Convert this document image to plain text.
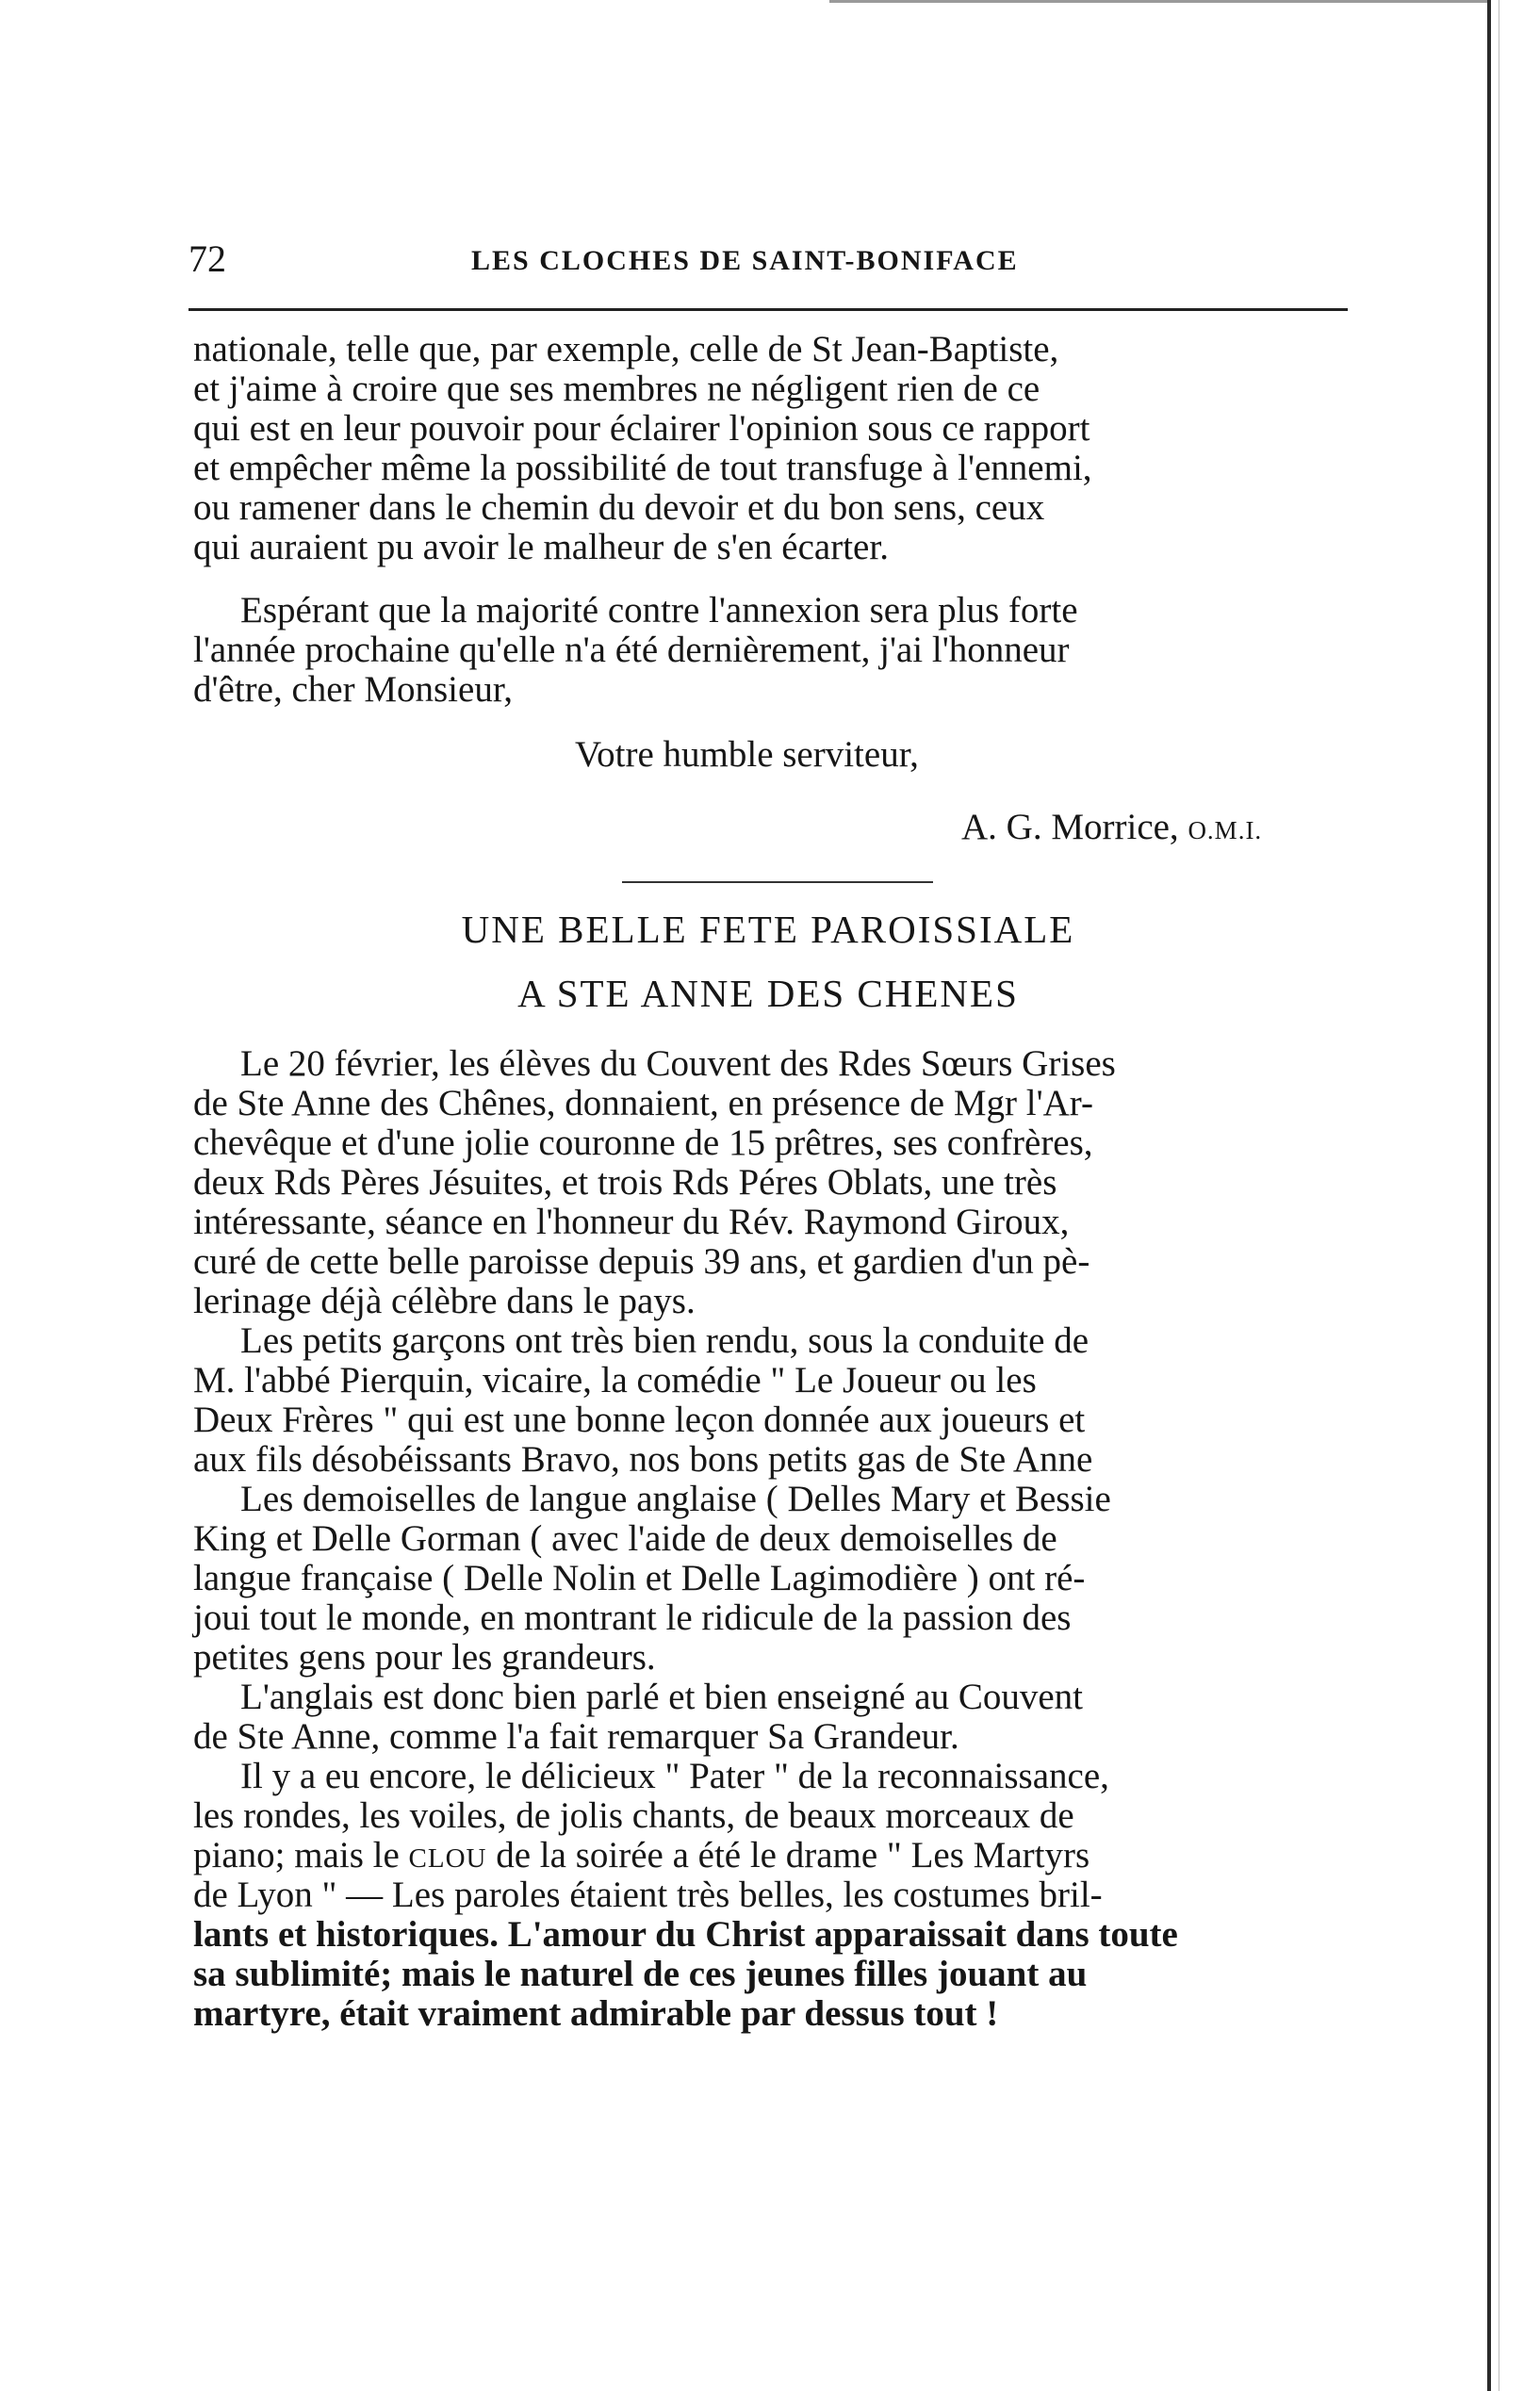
72	LES CLOCHES DE SAINT-BONIFACE
nationale, telle que, par exemple, celle de St Jean-Baptiste,
et j'aime à croire que ses membres ne négligent rien de ce
qui est en leur pouvoir pour éclairer l'opinion sous ce rapport
et empêcher même la possibilité de tout transfuge à l'ennemi,
ou ramener dans le chemin du devoir et du bon sens, ceux
qui auraient pu avoir le malheur de s'en écarter.
Espérant que la majorité contre l'annexion sera plus forte
l'année prochaine qu'elle n'a été dernièrement, j'ai l'honneur
d'être, cher Monsieur,
Votre humble serviteur,
A. G. Morrice, O.M.I.
UNE BELLE FETE PAROISSIALE
A STE ANNE DES CHENES
Le 20 février, les élèves du Couvent des Rdes Sœurs Grises
de Ste Anne des Chênes, donnaient, en présence de Mgr l'Ar-
chevêque et d'une jolie couronne de 15 prêtres, ses confrères,
deux Rds Pères Jésuites, et trois Rds Péres Oblats, une très
intéressante, séance en l'honneur du Rév. Raymond Giroux,
curé de cette belle paroisse depuis 39 ans, et gardien d'un pè-
lerinage déjà célèbre dans le pays.
Les petits garçons ont très bien rendu, sous la conduite de
M. l'abbé Pierquin, vicaire, la comédie " Le Joueur ou les
Deux Frères " qui est une bonne leçon donnée aux joueurs et
aux fils désobéissants Bravo, nos bons petits gas de Ste Anne
Les demoiselles de langue anglaise ( Delles Mary et Bessie
King et Delle Gorman ( avec l'aide de deux demoiselles de
langue française ( Delle Nolin et Delle Lagimodière ) ont ré-
joui tout le monde, en montrant le ridicule de la passion des
petites gens pour les grandeurs.
L'anglais est donc bien parlé et bien enseigné au Couvent
de Ste Anne, comme l'a fait remarquer Sa Grandeur.
Il y a eu encore, le délicieux " Pater " de la reconnaissance,
les rondes, les voiles, de jolis chants, de beaux morceaux de
piano; mais le CLOU de la soirée a été le drame " Les Martyrs
de Lyon " — Les paroles étaient très belles, les costumes bril-
lants et historiques. L'amour du Christ apparaissait dans toute
sa sublimité; mais le naturel de ces jeunes filles jouant au
martyre, était vraiment admirable par dessus tout !
